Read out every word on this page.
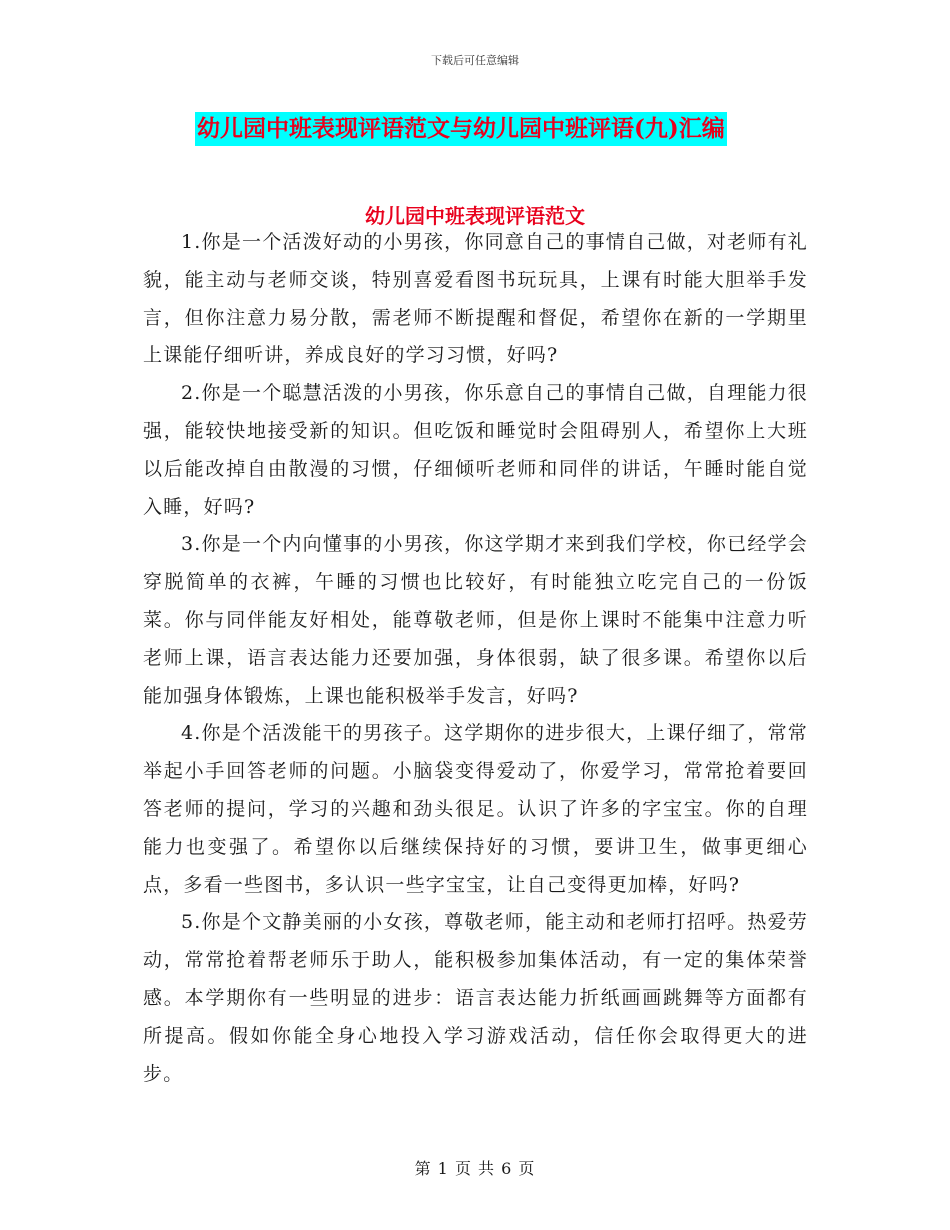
下载后可任意编辑
幼儿园中班表现评语范文与幼儿园中班评语(九)汇编
幼儿园中班表现评语范文

1.你是一个活泼好动的小男孩，你同意自己的事情自己做，对老师有礼貌，能主动与老师交谈，特别喜爱看图书玩玩具，上课有时能大胆举手发言，但你注意力易分散，需老师不断提醒和督促，希望你在新的一学期里上课能仔细听讲，养成良好的学习习惯，好吗?

2.你是一个聪慧活泼的小男孩，你乐意自己的事情自己做，自理能力很强，能较快地接受新的知识。但吃饭和睡觉时会阻碍别人，希望你上大班以后能改掉自由散漫的习惯，仔细倾听老师和同伴的讲话，午睡时能自觉入睡，好吗?

3.你是一个内向懂事的小男孩，你这学期才来到我们学校，你已经学会穿脱简单的衣裤，午睡的习惯也比较好，有时能独立吃完自己的一份饭菜。你与同伴能友好相处，能尊敬老师，但是你上课时不能集中注意力听老师上课，语言表达能力还要加强，身体很弱，缺了很多课。希望你以后能加强身体锻炼，上课也能积极举手发言，好吗?

4.你是个活泼能干的男孩子。这学期你的进步很大，上课仔细了，常常举起小手回答老师的问题。小脑袋变得爱动了，你爱学习，常常抢着要回答老师的提问，学习的兴趣和劲头很足。认识了许多的字宝宝。你的自理能力也变强了。希望你以后继续保持好的习惯，要讲卫生，做事更细心点，多看一些图书，多认识一些字宝宝，让自己变得更加棒，好吗?

5.你是个文静美丽的小女孩，尊敬老师，能主动和老师打招呼。热爱劳动，常常抢着帮老师乐于助人，能积极参加集体活动，有一定的集体荣誉感。本学期你有一些明显的进步：语言表达能力折纸画画跳舞等方面都有所提高。假如你能全身心地投入学习游戏活动，信任你会取得更大的进步。

第 1 页 共 6 页
